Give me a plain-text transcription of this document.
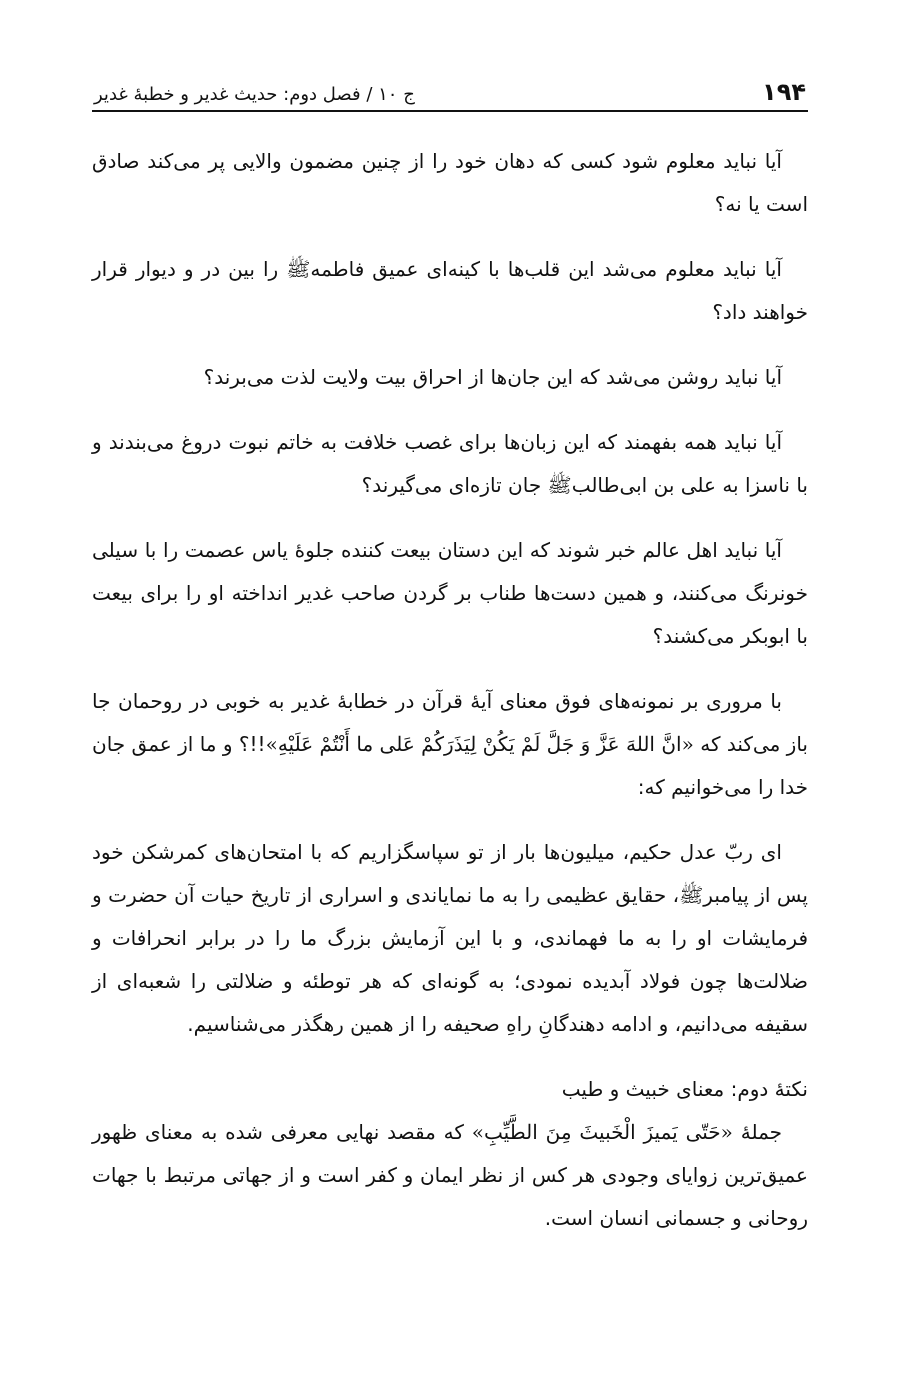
۱۹۴
ج ۱۰ / فصل دوم: حدیث غدیر و خطبهٔ غدیر

آیا نباید معلوم شود کسی که دهان خود را از چنین مضمون والایی پر می‌کند صادق است یا نه؟

آیا نباید معلوم می‌شد این قلب‌ها با کینه‌ای عمیق فاطمه‌ﷺ را بین در و دیوار قرار خواهند داد؟

آیا نباید روشن می‌شد که این جان‌ها از احراق بیت ولایت لذت می‌برند؟

آیا نباید همه بفهمند که این زبان‌ها برای غصب خلافت به خاتم نبوت دروغ می‌بندند و با ناسزا به علی بن ابی‌طالب‌ﷺ جان تازه‌ای می‌گیرند؟

آیا نباید اهل عالم خبر شوند که این دستان بیعت کننده جلوهٔ یاس عصمت را با سیلی خونرنگ می‌کنند، و همین دست‌ها طناب بر گردن صاحب غدیر انداخته او را برای بیعت با ابوبکر می‌کشند؟

با مروری بر نمونه‌های فوق معنای آیهٔ قرآن در خطابهٔ غدیر به خوبی در روحمان جا باز می‌کند که «انَّ اللهَ عَزَّ وَ جَلَّ لَمْ یَکُنْ لِیَذَرَکُمْ عَلی ما أَنْتُمْ عَلَیْهِ»!!؟ و ما از عمق جان خدا را می‌خوانیم که:

ای ربّ عدل حکیم، میلیون‌ها بار از تو سپاسگزاریم که با امتحان‌های کمرشکن خود پس از پیامبرﷺ، حقایق عظیمی را به ما نمایاندی و اسراری از تاریخ حیات آن حضرت و فرمایشات او را به ما فهماندی، و با این آزمایش بزرگ ما را در برابر انحرافات و ضلالت‌ها چون فولاد آبدیده نمودی؛ به گونه‌ای که هر توطئه و ضلالتی را شعبه‌ای از سقیفه می‌دانیم، و ادامه دهندگانِ راهِ صحیفه را از همین رهگذر می‌شناسیم.

نکتهٔ دوم: معنای خبیث و طیب

جملهٔ «حَتّی یَمیزَ الْخَبیثَ مِنَ الطَّیِّبِ» که مقصد نهایی معرفی شده به معنای ظهور عمیق‌ترین زوایای وجودی هر کس از نظر ایمان و کفر است و از جهاتی مرتبط با جهات روحانی و جسمانی انسان است.
